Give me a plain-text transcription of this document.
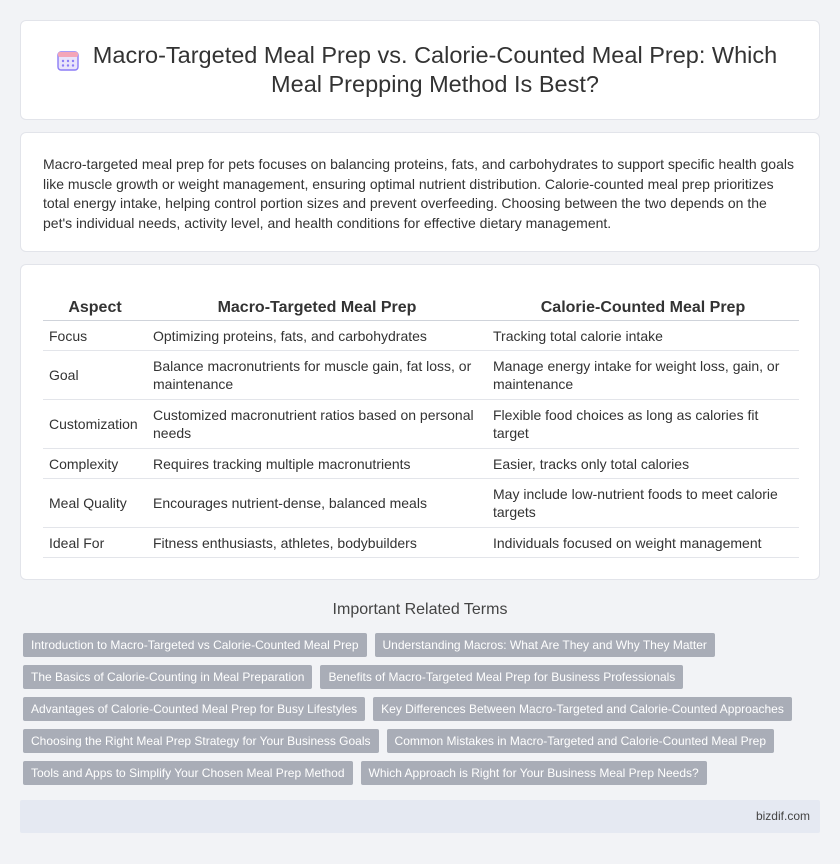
Macro-Targeted Meal Prep vs. Calorie-Counted Meal Prep: Which Meal Prepping Method Is Best?

Macro-targeted meal prep for pets focuses on balancing proteins, fats, and carbohydrates to support specific health goals like muscle growth or weight management, ensuring optimal nutrient distribution. Calorie-counted meal prep prioritizes total energy intake, helping control portion sizes and prevent overfeeding. Choosing between the two depends on the pet's individual needs, activity level, and health conditions for effective dietary management.

Aspect	Macro-Targeted Meal Prep	Calorie-Counted Meal Prep
Focus	Optimizing proteins, fats, and carbohydrates	Tracking total calorie intake
Goal	Balance macronutrients for muscle gain, fat loss, or maintenance	Manage energy intake for weight loss, gain, or maintenance
Customization	Customized macronutrient ratios based on personal needs	Flexible food choices as long as calories fit target
Complexity	Requires tracking multiple macronutrients	Easier, tracks only total calories
Meal Quality	Encourages nutrient-dense, balanced meals	May include low-nutrient foods to meet calorie targets
Ideal For	Fitness enthusiasts, athletes, bodybuilders	Individuals focused on weight management
Important Related Terms
Introduction to Macro-Targeted vs Calorie-Counted Meal Prep	Understanding Macros: What Are They and Why They Matter
The Basics of Calorie-Counting in Meal Preparation	Benefits of Macro-Targeted Meal Prep for Business Professionals
Advantages of Calorie-Counted Meal Prep for Busy Lifestyles	Key Differences Between Macro-Targeted and Calorie-Counted Approaches
Choosing the Right Meal Prep Strategy for Your Business Goals	Common Mistakes in Macro-Targeted and Calorie-Counted Meal Prep
Tools and Apps to Simplify Your Chosen Meal Prep Method	Which Approach is Right for Your Business Meal Prep Needs?
bizdif.com
